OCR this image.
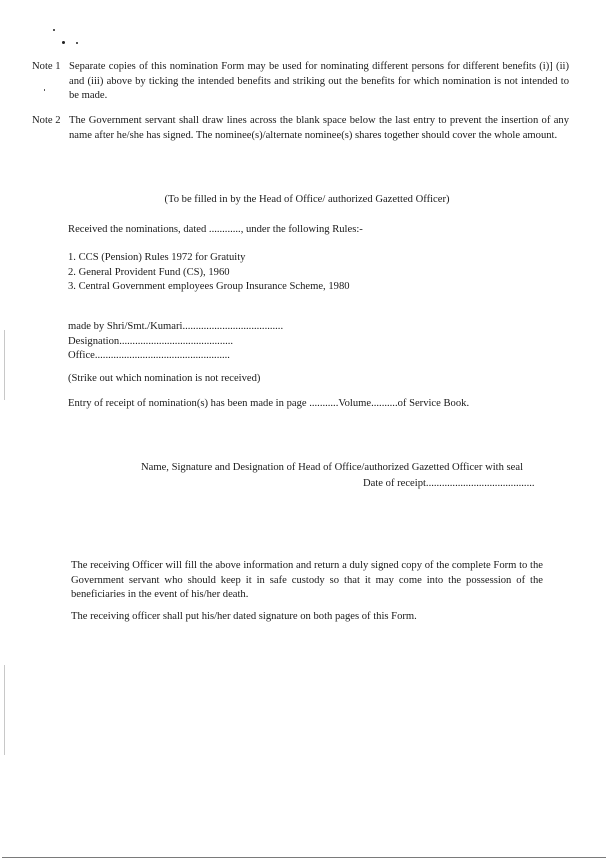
Note 1 Separate copies of this nomination Form may be used for nominating different persons for different benefits (i)] (ii) and (iii) above by ticking the intended benefits and striking out the benefits for which nomination is not intended to be made.
Note 2 The Government servant shall draw lines across the blank space below the last entry to prevent the insertion of any name after he/she has signed. The nominee(s)/alternate nominee(s) shares together should cover the whole amount.
(To be filled in by the Head of Office/ authorized Gazetted Officer)
Received the nominations, dated ............, under the following Rules:-
1. CCS (Pension) Rules 1972 for Gratuity
2. General Provident Fund (CS), 1960
3. Central Government employees Group Insurance Scheme, 1980
made by Shri/Smt./Kumari......................................
Designation...........................................
Office...................................................
(Strike out which nomination is not received)
Entry of receipt of nomination(s) has been made in page ...........Volume..........of Service Book.
Name, Signature and Designation of Head of Office/authorized Gazetted Officer with seal
Date of receipt.........................................
The receiving Officer will fill the above information and return a duly signed copy of the complete Form to the Government servant who should keep it in safe custody so that it may come into the possession of the beneficiaries in the event of his/her death.
The receiving officer shall put his/her dated signature on both pages of this Form.
